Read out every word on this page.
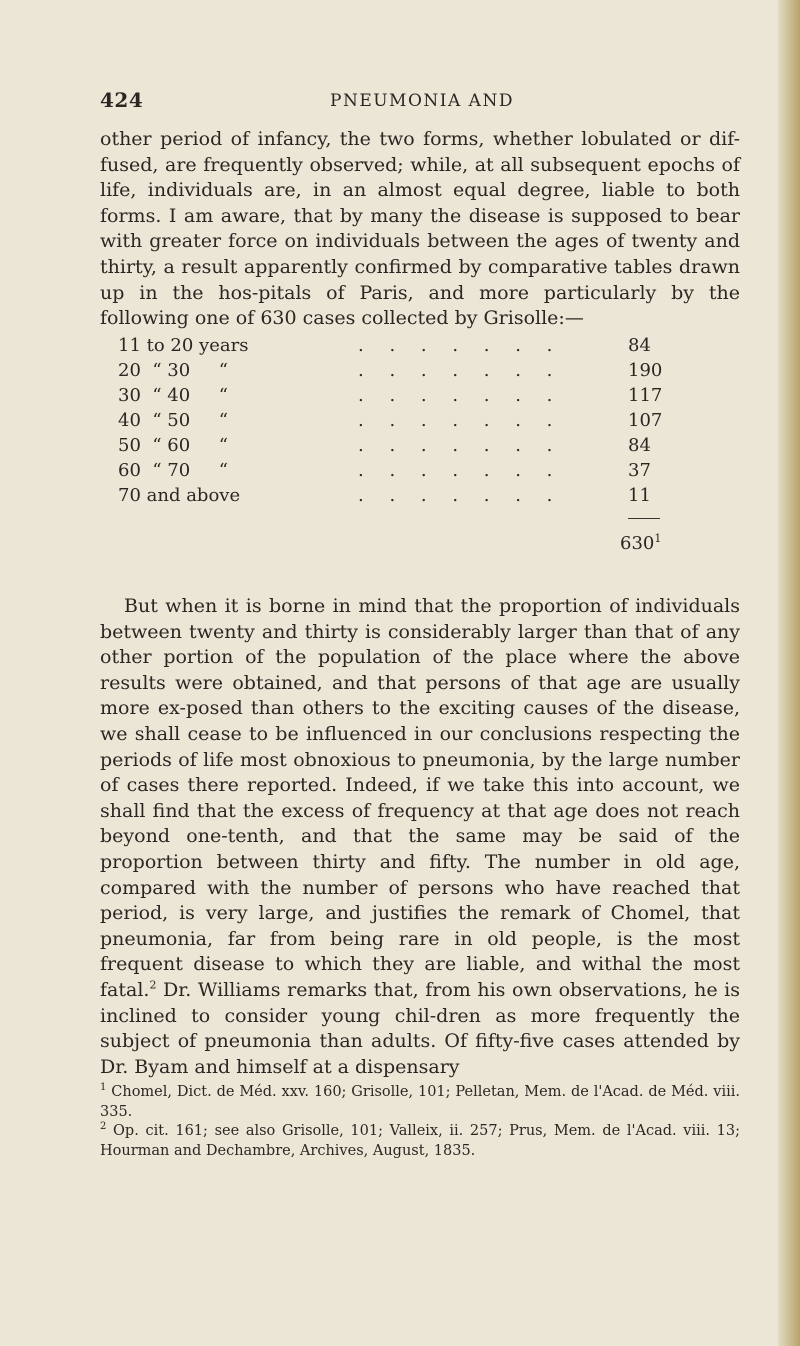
424	PNEUMONIA AND

other period of infancy, the two forms, whether lobulated or dif-fused, are frequently observed; while, at all subsequent epochs of life, individuals are, in an almost equal degree, liable to both forms. I am aware, that by many the disease is supposed to bear with greater force on individuals between the ages of twenty and thirty, a result apparently confirmed by comparative tables drawn up in the hos-pitals of Paris, and more particularly by the following one of 630 cases collected by Grisolle:—

11 to 20 years	. . . . . . .	84
20  “ 30     “	. . . . . . .	190
30  “ 40     “	. . . . . . .	117
40  “ 50     “	. . . . . . .	107
50  “ 60     “	. . . . . . .	84
60  “ 70     “	. . . . . . .	37
70 and above	. . . . . . .	11
$630^1$

But when it is borne in mind that the proportion of individuals between twenty and thirty is considerably larger than that of any other portion of the population of the place where the above results were obtained, and that persons of that age are usually more ex-posed than others to the exciting causes of the disease, we shall cease to be influenced in our conclusions respecting the periods of life most obnoxious to pneumonia, by the large number of cases there reported. Indeed, if we take this into account, we shall find that the excess of frequency at that age does not reach beyond one-tenth, and that the same may be said of the proportion between thirty and fifty. The number in old age, compared with the number of persons who have reached that period, is very large, and justifies the remark of Chomel, that pneumonia, far from being rare in old people, is the most frequent disease to which they are liable, and withal the most fatal.$^2$ Dr. Williams remarks that, from his own observations, he is inclined to consider young chil-dren as more frequently the subject of pneumonia than adults. Of fifty-five cases attended by Dr. Byam and himself at a dispensary

$^1$ Chomel, Dict. de Méd. xxv. 160; Grisolle, 101; Pelletan, Mem. de l'Acad. de Méd. viii. 335.

$^2$ Op. cit. 161; see also Grisolle, 101; Valleix, ii. 257; Prus, Mem. de l'Acad. viii. 13; Hourman and Dechambre, Archives, August, 1835.
